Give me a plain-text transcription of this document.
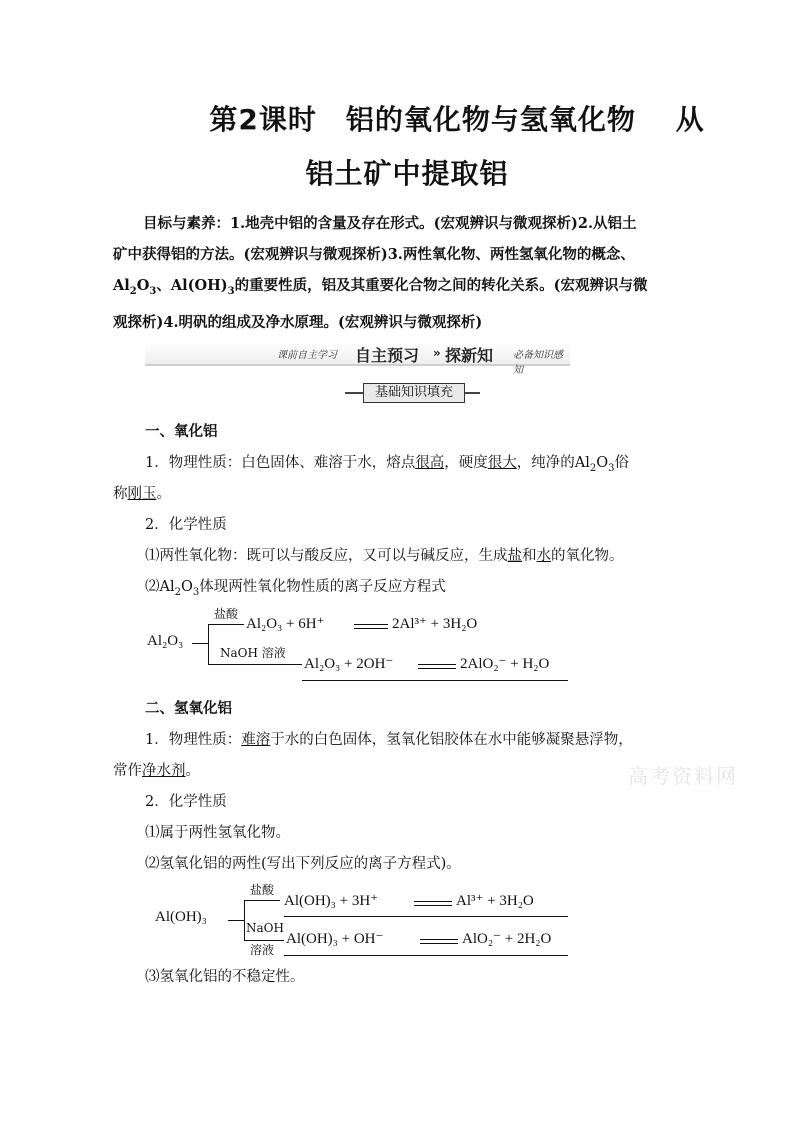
第2课时　铝的氧化物与氢氧化物　 从
铝土矿中提取铝
目标与素养：1.地壳中铝的含量及存在形式。(宏观辨识与微观探析)2.从铝土
矿中获得铝的方法。(宏观辨识与微观探析)3.两性氧化物、两性氢氧化物的概念、
$Al_2O_3$、$Al(OH)_3$的重要性质，铝及其重要化合物之间的转化关系。(宏观辨识与微
观探析)4.明矾的组成及净水原理。(宏观辨识与微观探析)
课前自主学习 自主预习 » 探新知 必备知识感知
基础知识填充
一、氧化铝
1．物理性质：白色固体、难溶于水，熔点很高，硬度很大，纯净的$Al_2O_3$俗
称刚玉。
2．化学性质
⑴两性氧化物：既可以与酸反应，又可以与碱反应，生成盐和水的氧化物。
$⑵Al_2O_3$体现两性氧化物性质的离子反应方程式
Al₂O₃
盐酸
NaOH 溶液
Al₂O₃ + 6H⁺	2Al³⁺ + 3H₂O
Al₂O₃ + 2OH⁻	2AlO₂⁻ + H₂O
二、氢氧化铝
1．物理性质：难溶于水的白色固体，氢氧化铝胶体在水中能够凝聚悬浮物，
常作净水剂。
2．化学性质
⑴属于两性氢氧化物。
⑵氢氧化铝的两性(写出下列反应的离子方程式)。
Al(OH)₃
盐酸
NaOH
溶液
Al(OH)₃ + 3H⁺	Al³⁺ + 3H₂O
Al(OH)₃ + OH⁻	AlO₂⁻ + 2H₂O
⑶氢氧化铝的不稳定性。
高考资料网
